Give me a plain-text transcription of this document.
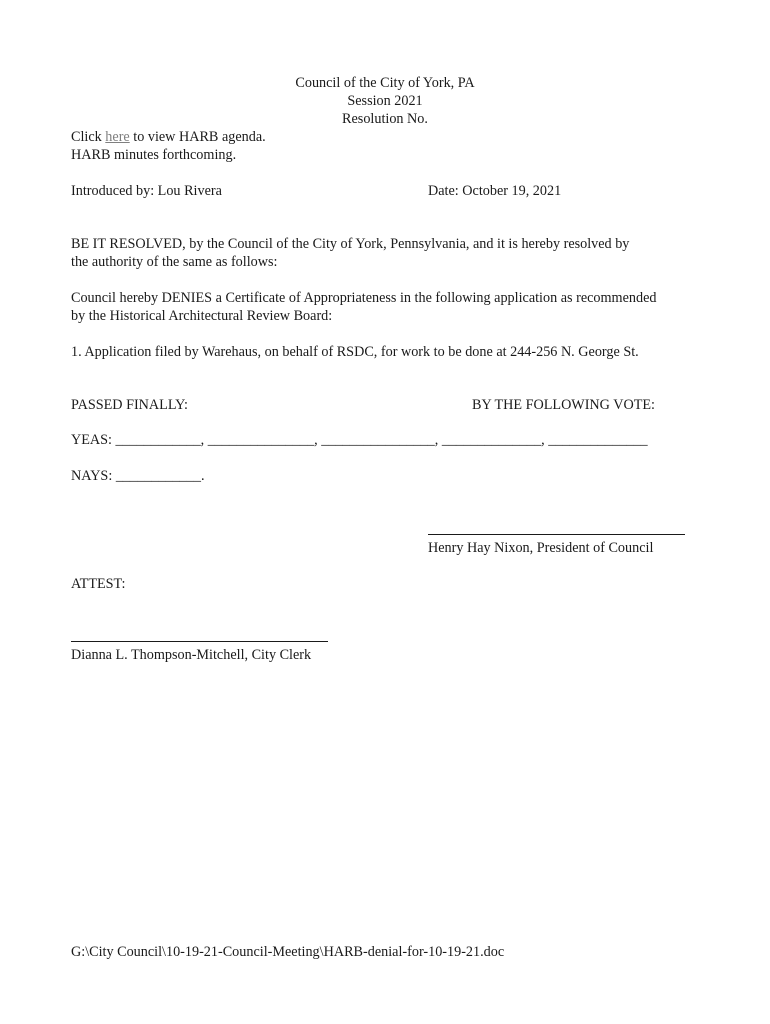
Council of the City of York, PA
Session 2021
Resolution No.
Click here to view HARB agenda.
HARB minutes forthcoming.
Introduced by: Lou Rivera	Date: October 19, 2021
BE IT RESOLVED, by the Council of the City of York, Pennsylvania, and it is hereby resolved by
the authority of the same as follows:
Council hereby DENIES a Certificate of Appropriateness in the following application as recommended
by the Historical Architectural Review Board:
1. Application filed by Warehaus, on behalf of RSDC, for work to be done at 244-256 N. George St.
PASSED FINALLY:	BY THE FOLLOWING VOTE:
YEAS: ____________, _______________, ________________, ______________, ______________
NAYS: ____________.
Henry Hay Nixon, President of Council
ATTEST:
Dianna L. Thompson-Mitchell, City Clerk
G:\City Council\10-19-21-Council-Meeting\HARB-denial-for-10-19-21.doc
